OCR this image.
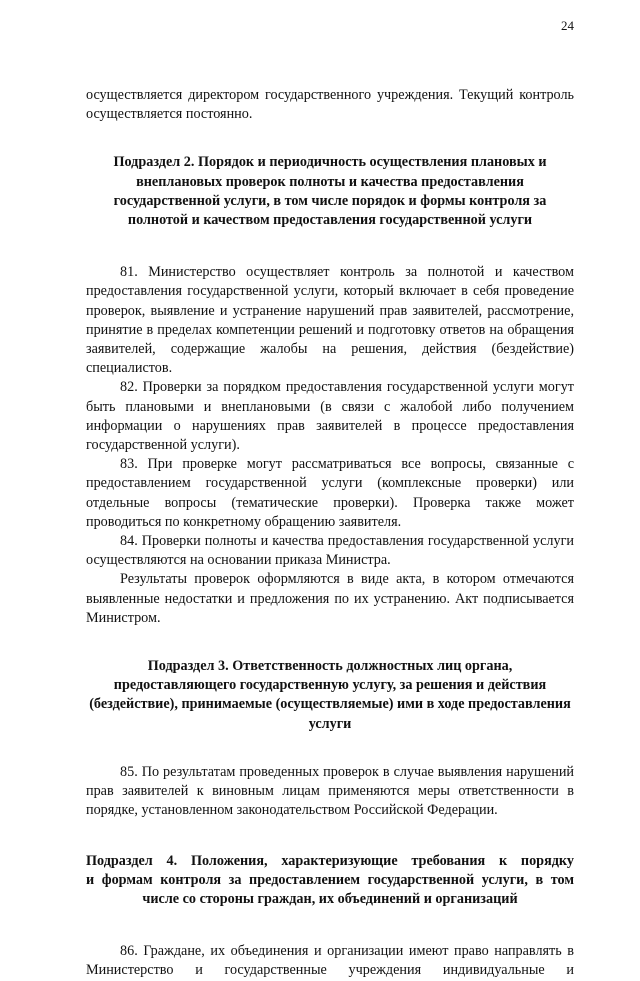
24

осуществляется директором государственного учреждения. Текущий контроль осуществляется постоянно.

Подраздел 2. Порядок и периодичность осуществления плановых и внеплановых проверок полноты и качества предоставления государственной услуги, в том числе порядок и формы контроля за полнотой и качеством предоставления государственной услуги

81. Министерство осуществляет контроль за полнотой и качеством предоставления государственной услуги, который включает в себя проведение проверок, выявление и устранение нарушений прав заявителей, рассмотрение, принятие в пределах компетенции решений и подготовку ответов на обращения заявителей, содержащие жалобы на решения, действия (бездействие) специалистов.

82. Проверки за порядком предоставления государственной услуги могут быть плановыми и внеплановыми (в связи с жалобой либо получением информации о нарушениях прав заявителей в процессе предоставления государственной услуги).

83. При проверке могут рассматриваться все вопросы, связанные с предоставлением государственной услуги (комплексные проверки) или отдельные вопросы (тематические проверки). Проверка также может проводиться по конкретному обращению заявителя.

84. Проверки полноты и качества предоставления государственной услуги осуществляются на основании приказа Министра.

Результаты проверок оформляются в виде акта, в котором отмечаются выявленные недостатки и предложения по их устранению. Акт подписывается Министром.

Подраздел 3. Ответственность должностных лиц органа, предоставляющего государственную услугу, за решения и действия (бездействие), принимаемые (осуществляемые) ими в ходе предоставления услуги

85. По результатам проведенных проверок в случае выявления нарушений прав заявителей к виновным лицам применяются меры ответственности в порядке, установленном законодательством Российской Федерации.

Подраздел 4. Положения, характеризующие требования к порядку
и формам контроля за предоставлением государственной услуги, в том
числе со стороны граждан, их объединений и организаций

86. Граждане, их объединения и организации имеют право направлять в Министерство и государственные учреждения индивидуальные и
